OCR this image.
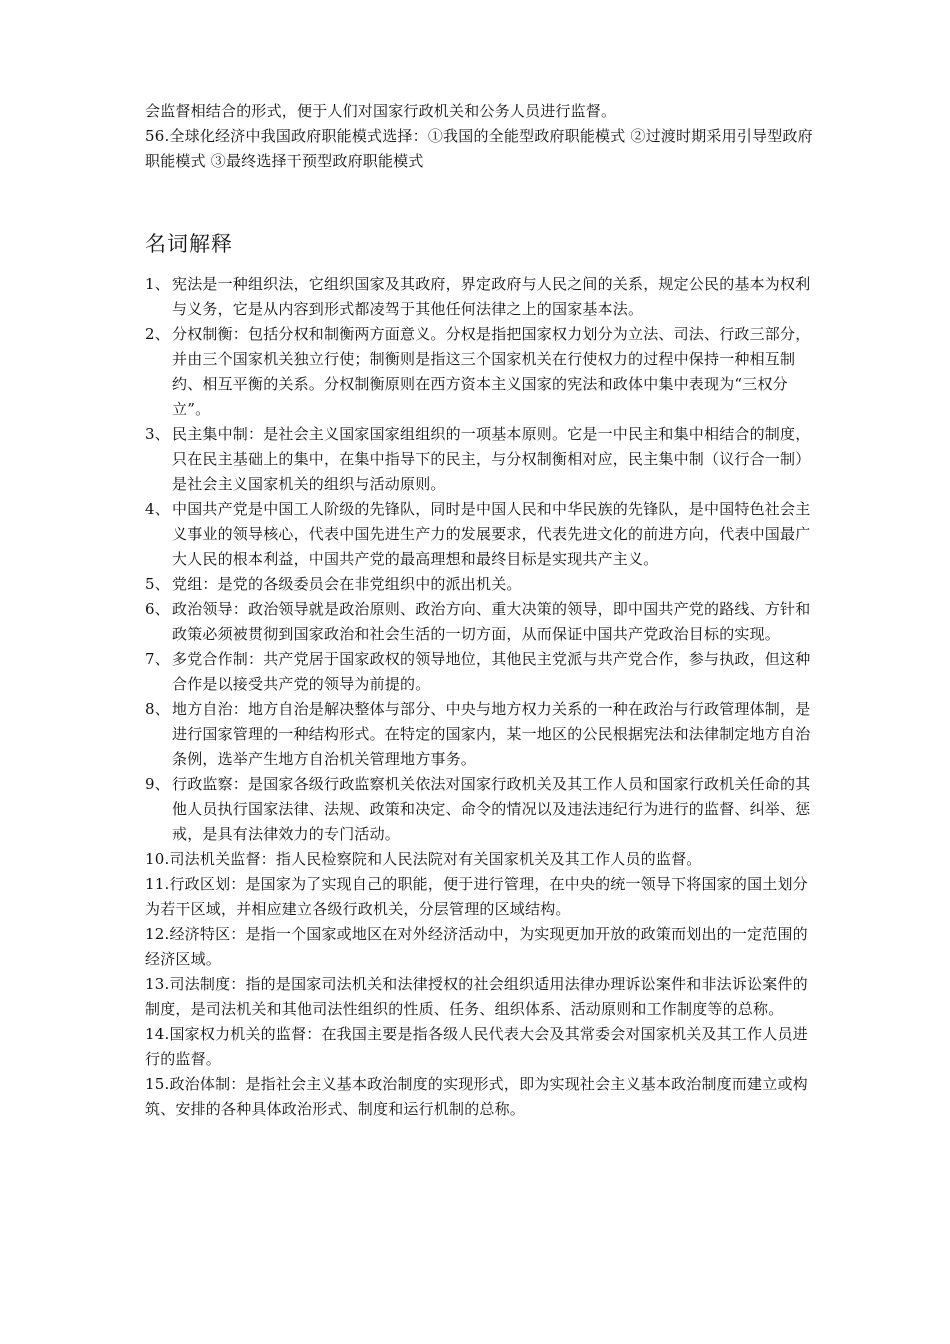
会监督相结合的形式，便于人们对国家行政机关和公务人员进行监督。

56.全球化经济中我国政府职能模式选择：①我国的全能型政府职能模式 ②过渡时期采用引导型政府职能模式 ③最终选择干预型政府职能模式

名词解释
1、 宪法是一种组织法，它组织国家及其政府，界定政府与人民之间的关系，规定公民的基本为权利与义务，它是从内容到形式都凌驾于其他任何法律之上的国家基本法。
2、 分权制衡：包括分权和制衡两方面意义。分权是指把国家权力划分为立法、司法、行政三部分，并由三个国家机关独立行使；制衡则是指这三个国家机关在行使权力的过程中保持一种相互制约、相互平衡的关系。分权制衡原则在西方资本主义国家的宪法和政体中集中表现为“三权分立”。
3、 民主集中制：是社会主义国家国家组组织的一项基本原则。它是一中民主和集中相结合的制度，只在民主基础上的集中，在集中指导下的民主，与分权制衡相对应，民主集中制（议行合一制）是社会主义国家机关的组织与活动原则。
4、 中国共产党是中国工人阶级的先锋队，同时是中国人民和中华民族的先锋队，是中国特色社会主义事业的领导核心，代表中国先进生产力的发展要求，代表先进文化的前进方向，代表中国最广大人民的根本利益，中国共产党的最高理想和最终目标是实现共产主义。
5、 党组：是党的各级委员会在非党组织中的派出机关。
6、 政治领导：政治领导就是政治原则、政治方向、重大决策的领导，即中国共产党的路线、方针和政策必须被贯彻到国家政治和社会生活的一切方面，从而保证中国共产党政治目标的实现。
7、 多党合作制：共产党居于国家政权的领导地位，其他民主党派与共产党合作，参与执政，但这种合作是以接受共产党的领导为前提的。
8、 地方自治：地方自治是解决整体与部分、中央与地方权力关系的一种在政治与行政管理体制，是进行国家管理的一种结构形式。在特定的国家内，某一地区的公民根据宪法和法律制定地方自治条例，选举产生地方自治机关管理地方事务。
9、 行政监察：是国家各级行政监察机关依法对国家行政机关及其工作人员和国家行政机关任命的其他人员执行国家法律、法规、政策和决定、命令的情况以及违法违纪行为进行的监督、纠举、惩戒，是具有法律效力的专门活动。
10.司法机关监督：指人民检察院和人民法院对有关国家机关及其工作人员的监督。
11.行政区划：是国家为了实现自己的职能，便于进行管理，在中央的统一领导下将国家的国土划分为若干区域，并相应建立各级行政机关，分层管理的区域结构。
12.经济特区：是指一个国家或地区在对外经济活动中，为实现更加开放的政策而划出的一定范围的经济区域。
13.司法制度：指的是国家司法机关和法律授权的社会组织适用法律办理诉讼案件和非法诉讼案件的制度，是司法机关和其他司法性组织的性质、任务、组织体系、活动原则和工作制度等的总称。
14.国家权力机关的监督：在我国主要是指各级人民代表大会及其常委会对国家机关及其工作人员进行的监督。
15.政治体制：是指社会主义基本政治制度的实现形式，即为实现社会主义基本政治制度而建立或构筑、安排的各种具体政治形式、制度和运行机制的总称。
